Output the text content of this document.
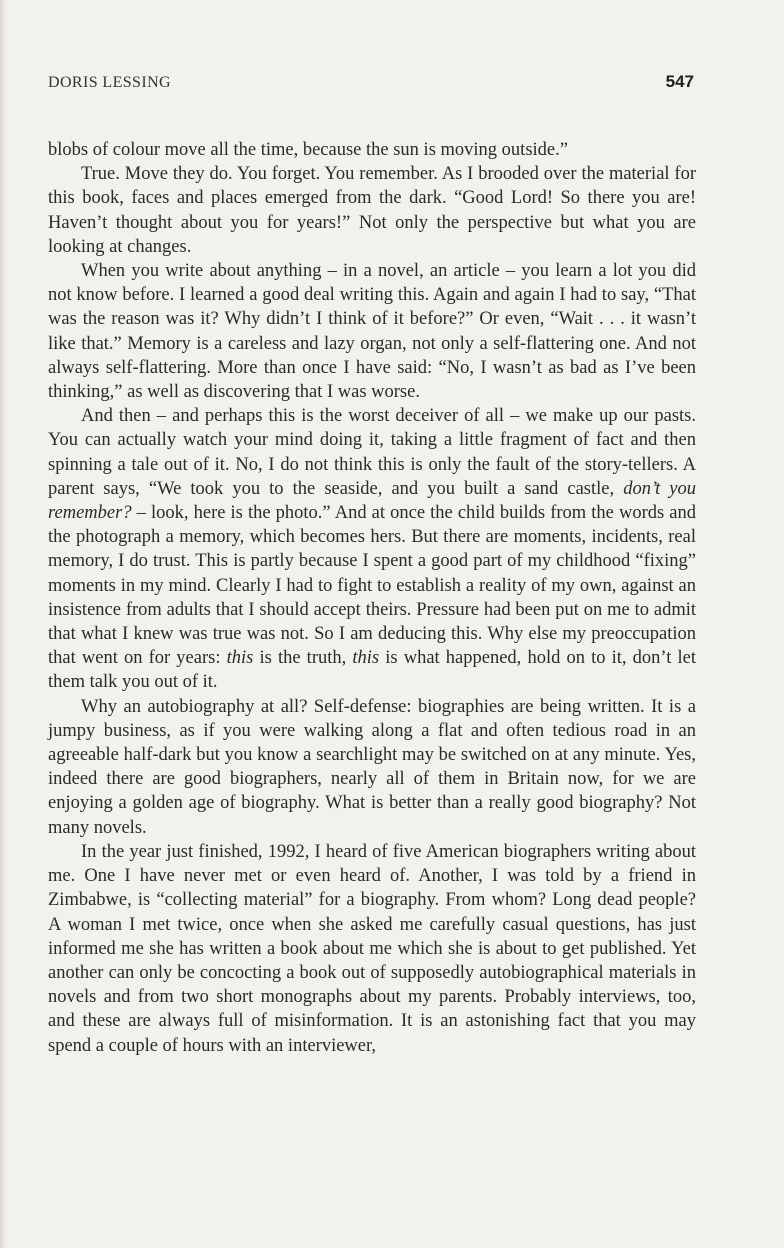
DORIS LESSING	547

blobs of colour move all the time, because the sun is moving outside.”

True. Move they do. You forget. You remember. As I brooded over the material for this book, faces and places emerged from the dark. “Good Lord! So there you are! Haven’t thought about you for years!” Not only the perspective but what you are looking at changes.

When you write about anything – in a novel, an article – you learn a lot you did not know before. I learned a good deal writing this. Again and again I had to say, “That was the reason was it? Why didn’t I think of it before?” Or even, “Wait . . . it wasn’t like that.” Memory is a careless and lazy organ, not only a self-flattering one. And not always self-flattering. More than once I have said: “No, I wasn’t as bad as I’ve been thinking,” as well as discovering that I was worse.

And then – and perhaps this is the worst deceiver of all – we make up our pasts. You can actually watch your mind doing it, taking a little fragment of fact and then spinning a tale out of it. No, I do not think this is only the fault of the story-tellers. A parent says, “We took you to the seaside, and you built a sand castle, don’t you remember? – look, here is the photo.” And at once the child builds from the words and the photograph a memory, which becomes hers. But there are moments, incidents, real memory, I do trust. This is partly because I spent a good part of my childhood “fixing” moments in my mind. Clearly I had to fight to establish a reality of my own, against an insistence from adults that I should accept theirs. Pressure had been put on me to admit that what I knew was true was not. So I am deducing this. Why else my preoccupation that went on for years: this is the truth, this is what happened, hold on to it, don’t let them talk you out of it.

Why an autobiography at all? Self-defense: biographies are being written. It is a jumpy business, as if you were walking along a flat and often tedious road in an agreeable half-dark but you know a searchlight may be switched on at any minute. Yes, indeed there are good biographers, nearly all of them in Britain now, for we are enjoying a golden age of biography. What is better than a really good biography? Not many novels.

In the year just finished, 1992, I heard of five American biographers writing about me. One I have never met or even heard of. Another, I was told by a friend in Zimbabwe, is “collecting material” for a biography. From whom? Long dead people? A woman I met twice, once when she asked me carefully casual questions, has just informed me she has written a book about me which she is about to get published. Yet another can only be concocting a book out of supposedly autobiographical materials in novels and from two short monographs about my parents. Probably interviews, too, and these are always full of misinformation. It is an astonishing fact that you may spend a couple of hours with an interviewer,
